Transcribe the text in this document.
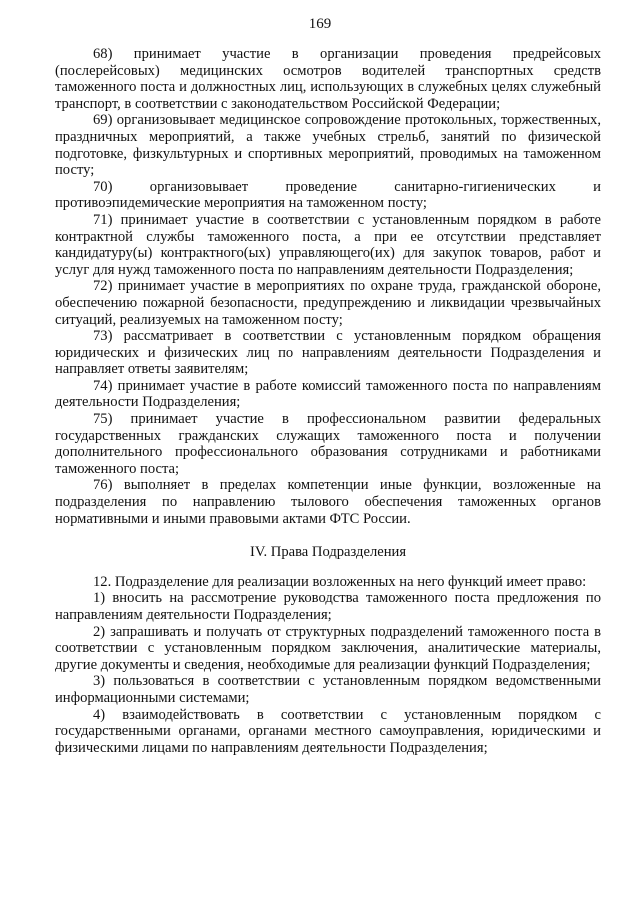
169

68) принимает участие в организации проведения предрейсовых (послерейсовых) медицинских осмотров водителей транспортных средств таможенного поста и должностных лиц, использующих в служебных целях служебный транспорт, в соответствии с законодательством Российской Федерации;

69) организовывает медицинское сопровождение протокольных, торжественных, праздничных мероприятий, а также учебных стрельб, занятий по физической подготовке, физкультурных и спортивных мероприятий, проводимых на таможенном посту;

70) организовывает проведение санитарно-гигиенических и противоэпидемические мероприятия на таможенном посту;

71) принимает участие в соответствии с установленным порядком в работе контрактной службы таможенного поста, а при ее отсутствии представляет кандидатуру(ы) контрактного(ых) управляющего(их) для закупок товаров, работ и услуг для нужд таможенного поста по направлениям деятельности Подразделения;

72) принимает участие в мероприятиях по охране труда, гражданской обороне, обеспечению пожарной безопасности, предупреждению и ликвидации чрезвычайных ситуаций, реализуемых на таможенном посту;

73) рассматривает в соответствии с установленным порядком обращения юридических и физических лиц по направлениям деятельности Подразделения и направляет ответы заявителям;

74) принимает участие в работе комиссий таможенного поста по направлениям деятельности Подразделения;

75) принимает участие в профессиональном развитии федеральных государственных гражданских служащих таможенного поста и получении дополнительного профессионального образования сотрудниками и работниками таможенного поста;

76) выполняет в пределах компетенции иные функции, возложенные на подразделения по направлению тылового обеспечения таможенных органов нормативными и иными правовыми актами ФТС России.

IV. Права Подразделения

12. Подразделение для реализации возложенных на него функций имеет право:

1) вносить на рассмотрение руководства таможенного поста предложения по направлениям деятельности Подразделения;

2) запрашивать и получать от структурных подразделений таможенного поста в соответствии с установленным порядком заключения, аналитические материалы, другие документы и сведения, необходимые для реализации функций Подразделения;

3) пользоваться в соответствии с установленным порядком ведомственными информационными системами;

4) взаимодействовать в соответствии с установленным порядком с государственными органами, органами местного самоуправления, юридическими и физическими лицами по направлениям деятельности Подразделения;
